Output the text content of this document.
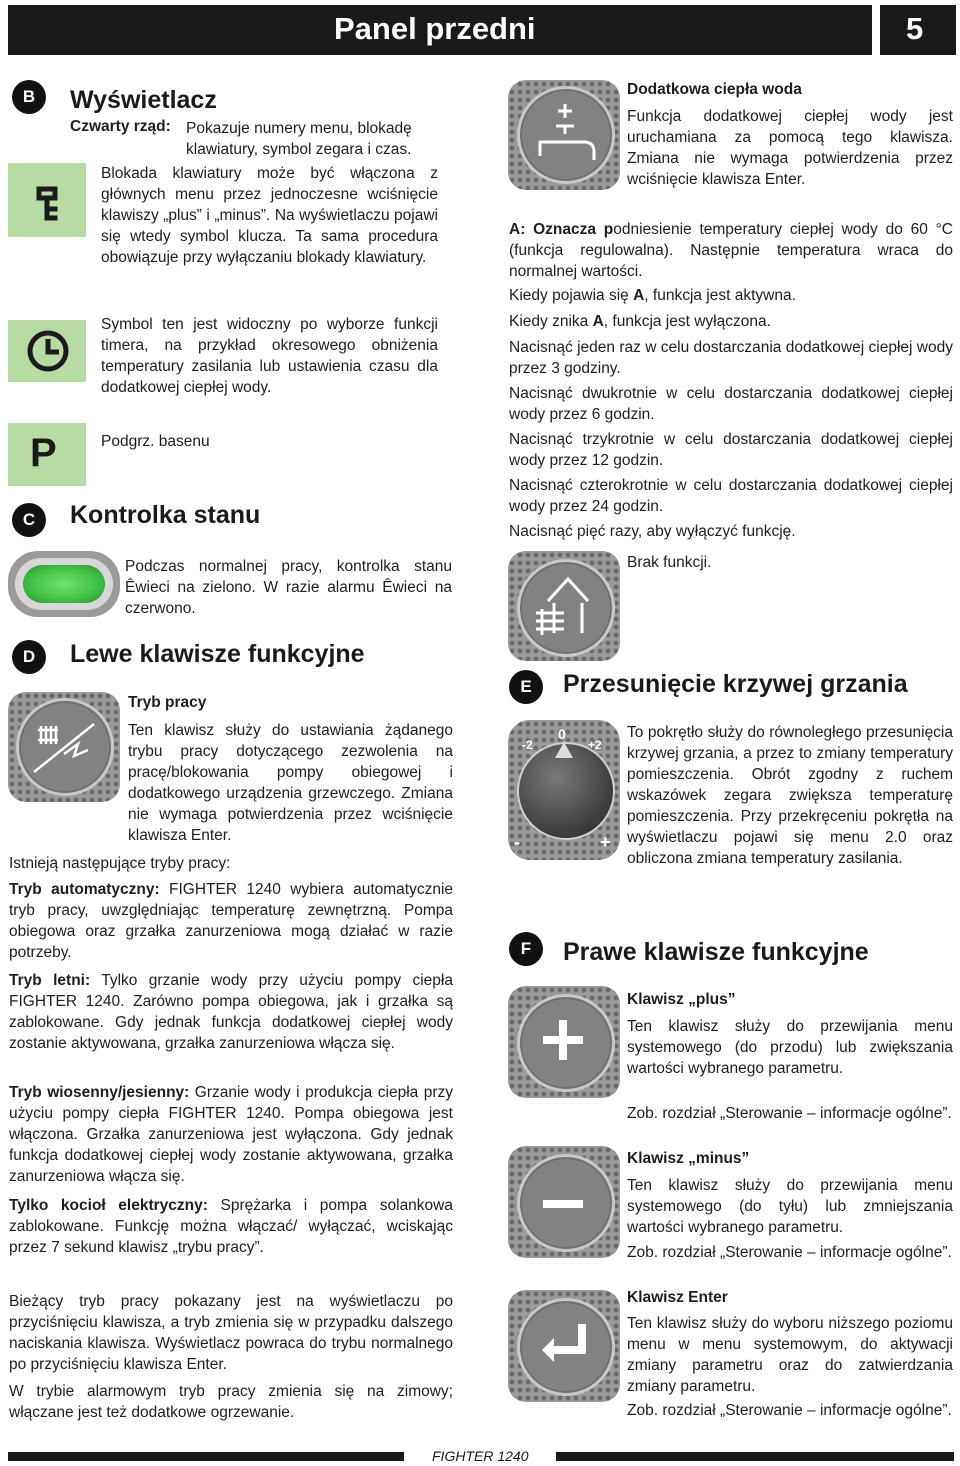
Panel przedni	5
B	Wyświetlacz
Czwarty rząd: Pokazuje numery menu, blokadę klawiatury, symbol zegara i czas.

Blokada klawiatury może być włączona z głównych menu przez jednoczesne wciśnięcie klawiszy „plus” i „minus”. Na wyświetlaczu pojawi się wtedy symbol klucza. Ta sama procedura obowiązuje przy wyłączaniu blokady klawiatury.

Symbol ten jest widoczny po wyborze funkcji timera, na przykład okresowego obniżenia temperatury zasilania lub ustawienia czasu dla dodatkowej ciepłej wody.

P	Podgrz. basenu

C	Kontrolka stanu

Podczas normalnej pracy, kontrolka stanu Êwieci na zielono. W razie alarmu Êwieci na czerwono.

D	Lewe klawisze funkcyjne
Tryb pracy

Ten klawisz służy do ustawiania żądanego trybu pracy dotyczącego zezwolenia na pracę/blokowania pompy obiegowej i dodatkowego urządzenia grzewczego. Zmiana nie wymaga potwierdzenia przez wciśnięcie klawisza Enter.

Istnieją następujące tryby pracy:

Tryb automatyczny: FIGHTER 1240 wybiera automatycznie tryb pracy, uwzględniając temperaturę zewnętrzną. Pompa obiegowa oraz grzałka zanurzeniowa mogą działać w razie potrzeby.

Tryb letni: Tylko grzanie wody przy użyciu pompy ciepła FIGHTER 1240. Zarówno pompa obiegowa, jak i grzałka są zablokowane. Gdy jednak funkcja dodatkowej ciepłej wody zostanie aktywowana, grzałka zanurzeniowa włącza się.

Tryb wiosenny/jesienny: Grzanie wody i produkcja ciepła przy użyciu pompy ciepła FIGHTER 1240. Pompa obiegowa jest włączona. Grzałka zanurzeniowa jest wyłączona. Gdy jednak funkcja dodatkowej ciepłej wody zostanie aktywowana, grzałka zanurzeniowa włącza się.

Tylko kocioł elektryczny: Sprężarka i pompa solankowa zablokowane. Funkcję można włączać/ wyłączać, wciskając przez 7 sekund klawisz „trybu pracy”.

Bieżący tryb pracy pokazany jest na wyświetlaczu po przyciśnięciu klawisza, a tryb zmienia się w przypadku dalszego naciskania klawisza. Wyświetlacz powraca do trybu normalnego po przyciśnięciu klawisza Enter.

W trybie alarmowym tryb pracy zmienia się na zimowy; włączane jest też dodatkowe ogrzewanie.

Dodatkowa ciepła woda

Funkcja dodatkowej ciepłej wody jest uruchamiana za pomocą tego klawisza. Zmiana nie wymaga potwierdzenia przez wciśnięcie klawisza Enter.

A: Oznacza podniesienie temperatury ciepłej wody do 60 °C (funkcja regulowalna). Następnie temperatura wraca do normalnej wartości.

Kiedy pojawia się A, funkcja jest aktywna.

Kiedy znika A, funkcja jest wyłączona.

Nacisnąć jeden raz w celu dostarczania dodatkowej ciepłej wody przez 3 godziny.

Nacisnąć dwukrotnie w celu dostarczania dodatkowej ciepłej wody przez 6 godzin.

Nacisnąć trzykrotnie w celu dostarczania dodatkowej ciepłej wody przez 12 godzin.

Nacisnąć czterokrotnie w celu dostarczania dodatkowej ciepłej wody przez 24 godzin.

Nacisnąć pięć razy, aby wyłączyć funkcję.

Brak funkcji.

E	Przesunięcie krzywej grzania
-2
0
+2
-	+

To pokrętło służy do równoległego przesunięcia krzywej grzania, a przez to zmiany temperatury pomieszczenia. Obrót zgodny z ruchem wskazówek zegara zwiększa temperaturę pomieszczenia. Przy przekręceniu pokrętła na wyświetlaczu pojawi się menu 2.0 oraz obliczona zmiana temperatury zasilania.

F	Prawe klawisze funkcyjne
Klawisz „plus”

Ten klawisz służy do przewijania menu systemowego (do przodu) lub zwiększania wartości wybranego parametru.

Zob. rozdział „Sterowanie – informacje ogólne”.

Klawisz „minus”

Ten klawisz służy do przewijania menu systemowego (do tyłu) lub zmniejszania wartości wybranego parametru.

Zob. rozdział „Sterowanie – informacje ogólne”.

Klawisz Enter

Ten klawisz służy do wyboru niższego poziomu menu w menu systemowym, do aktywacji zmiany parametru oraz do zatwierdzania zmiany parametru.

Zob. rozdział „Sterowanie – informacje ogólne”.

FIGHTER 1240
